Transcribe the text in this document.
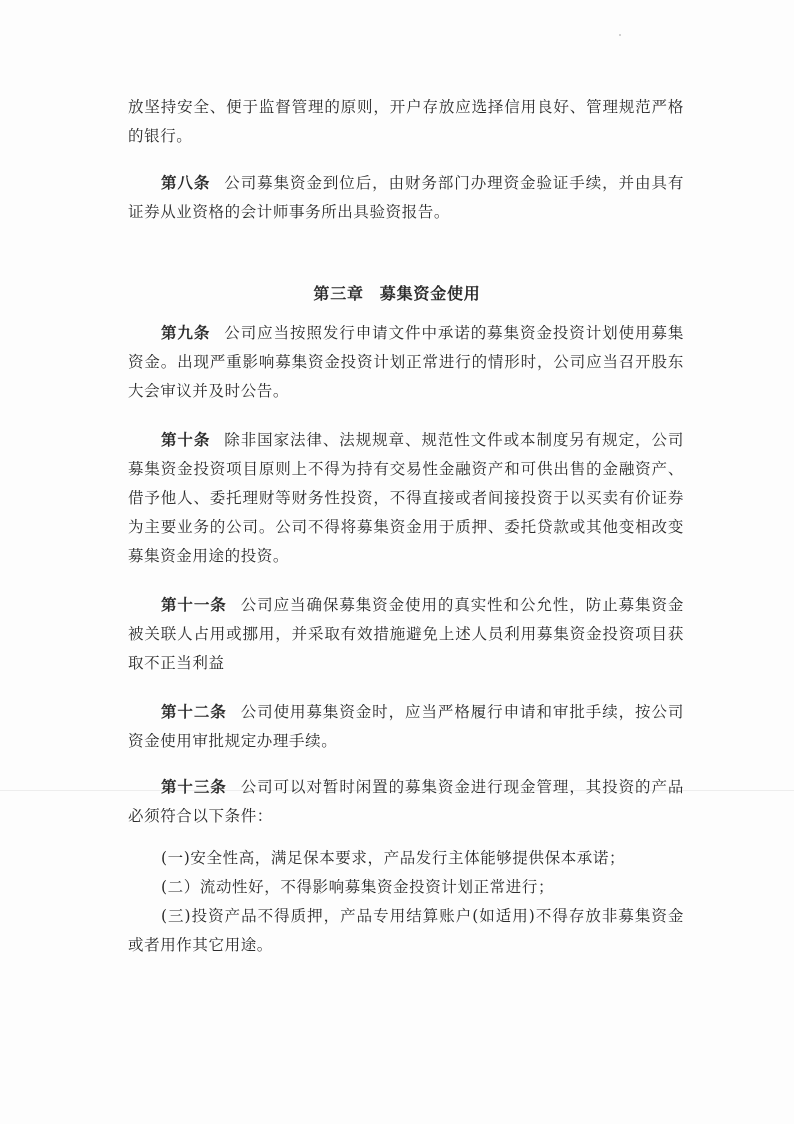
放坚持安全、便于监督管理的原则，开户存放应选择信用良好、管理规范严格的银行。

第八条 公司募集资金到位后，由财务部门办理资金验证手续，并由具有证券从业资格的会计师事务所出具验资报告。

第三章 募集资金使用

第九条 公司应当按照发行申请文件中承诺的募集资金投资计划使用募集资金。出现严重影响募集资金投资计划正常进行的情形时，公司应当召开股东大会审议并及时公告。

第十条 除非国家法律、法规规章、规范性文件或本制度另有规定，公司募集资金投资项目原则上不得为持有交易性金融资产和可供出售的金融资产、借予他人、委托理财等财务性投资，不得直接或者间接投资于以买卖有价证券为主要业务的公司。公司不得将募集资金用于质押、委托贷款或其他变相改变募集资金用途的投资。

第十一条 公司应当确保募集资金使用的真实性和公允性，防止募集资金被关联人占用或挪用，并采取有效措施避免上述人员利用募集资金投资项目获取不正当利益

第十二条 公司使用募集资金时，应当严格履行申请和审批手续，按公司资金使用审批规定办理手续。

第十三条 公司可以对暂时闲置的募集资金进行现金管理，其投资的产品必须符合以下条件：

(一)安全性高，满足保本要求，产品发行主体能够提供保本承诺；

(二）流动性好，不得影响募集资金投资计划正常进行；

(三)投资产品不得质押，产品专用结算账户(如适用)不得存放非募集资金或者用作其它用途。
